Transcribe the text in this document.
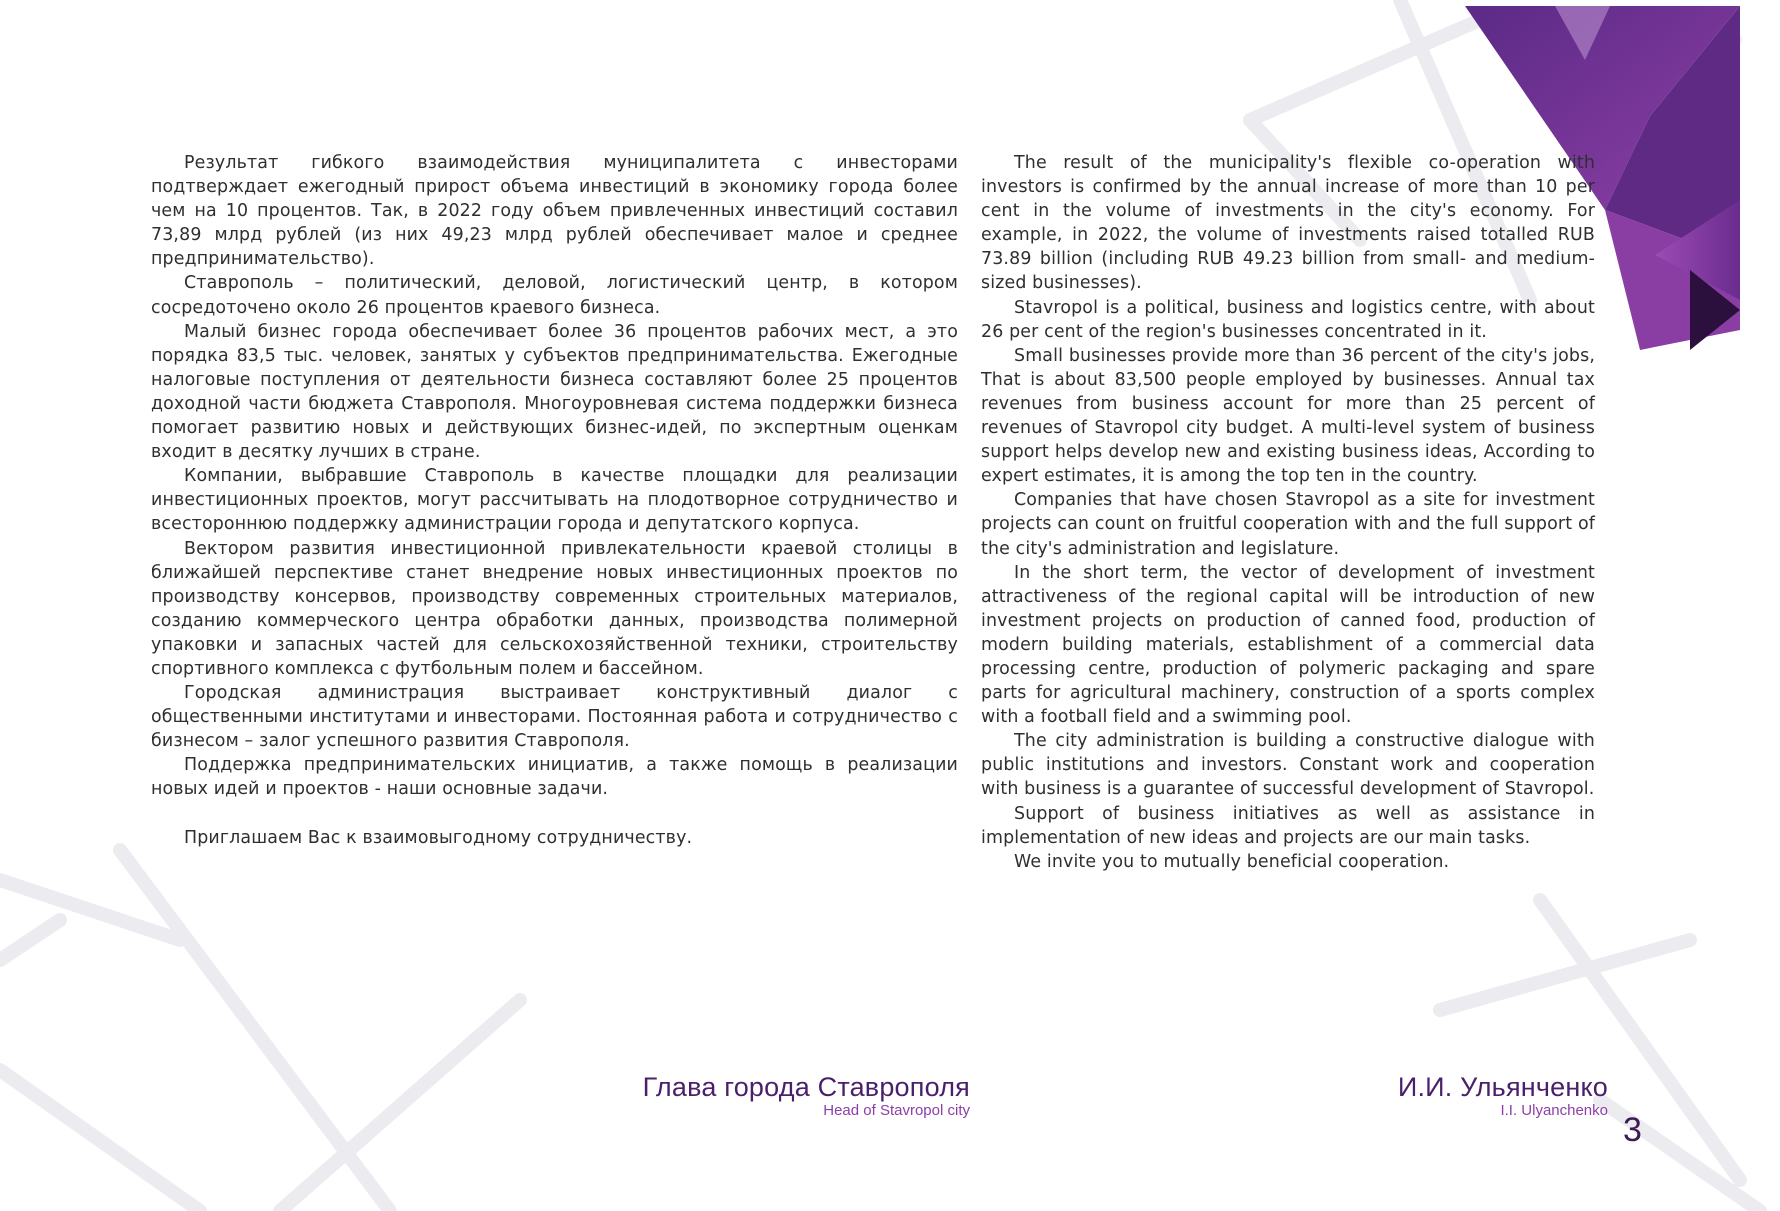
Результат гибкого взаимодействия муниципалитета с инвесторами подтверждает ежегодный прирост объема инвестиций в экономику города более чем на 10 процентов. Так, в 2022 году объем привлеченных инвестиций составил 73,89 млрд рублей (из них 49,23 млрд рублей обеспечивает малое и среднее предпринимательство).

Ставрополь – политический, деловой, логистический центр, в котором сосредоточено около 26 процентов краевого бизнеса.

Малый бизнес города обеспечивает более 36 процентов рабочих мест, а это порядка 83,5 тыс. человек, занятых у субъектов предпринимательства. Ежегодные налоговые поступления от деятельности бизнеса составляют более 25 процентов доходной части бюджета Ставрополя. Многоуровневая система поддержки бизнеса помогает развитию новых и действующих бизнес-идей, по экспертным оценкам входит в десятку лучших в стране.

Компании, выбравшие Ставрополь в качестве площадки для реализации инвестиционных проектов, могут рассчитывать на плодотворное сотрудничество и всестороннюю поддержку администрации города и депутатского корпуса.

Вектором развития инвестиционной привлекательности краевой столицы в ближайшей перспективе станет внедрение новых инвестиционных проектов по производству консервов, производству современных строительных материалов, созданию коммерческого центра обработки данных, производства полимерной упаковки и запасных частей для сельскохозяйственной техники, строительству спортивного комплекса с футбольным полем и бассейном.

Городская администрация выстраивает конструктивный диалог с общественными институтами и инвесторами. Постоянная работа и сотрудничество с бизнесом – залог успешного развития Ставрополя.

Поддержка предпринимательских инициатив, а также помощь в реализации новых идей и проектов - наши основные задачи.

Приглашаем Вас к взаимовыгодному сотрудничеству.

The result of the municipality's flexible co-operation with investors is confirmed by the annual increase of more than 10 per cent in the volume of investments in the city's economy. For example, in 2022, the volume of investments raised totalled RUB 73.89 billion (including RUB 49.23 billion from small- and medium-sized businesses).

Stavropol is a political, business and logistics centre, with about 26 per cent of the region's businesses concentrated in it.

Small businesses provide more than 36 percent of the city's jobs, That is about 83,500 people employed by businesses. Annual tax revenues from business account for more than 25 percent of revenues of Stavropol city budget. A multi-level system of business support helps develop new and existing business ideas, According to expert estimates, it is among the top ten in the country.

Companies that have chosen Stavropol as a site for investment projects can count on fruitful cooperation with and the full support of the city's administration and legislature.

In the short term, the vector of development of investment attractiveness of the regional capital will be introduction of new investment projects on production of canned food, production of modern building materials, establishment of a commercial data processing centre, production of polymeric packaging and spare parts for agricultural machinery, construction of a sports complex with a football field and a swimming pool.

The city administration is building a constructive dialogue with public institutions and investors. Constant work and cooperation with business is a guarantee of successful development of Stavropol.

Support of business initiatives as well as assistance in implementation of new ideas and projects are our main tasks.

We invite you to mutually beneficial cooperation.

Глава города Ставрополя
Head of Stavropol city
И.И. Ульянченко
I.I. Ulyanchenko
3
